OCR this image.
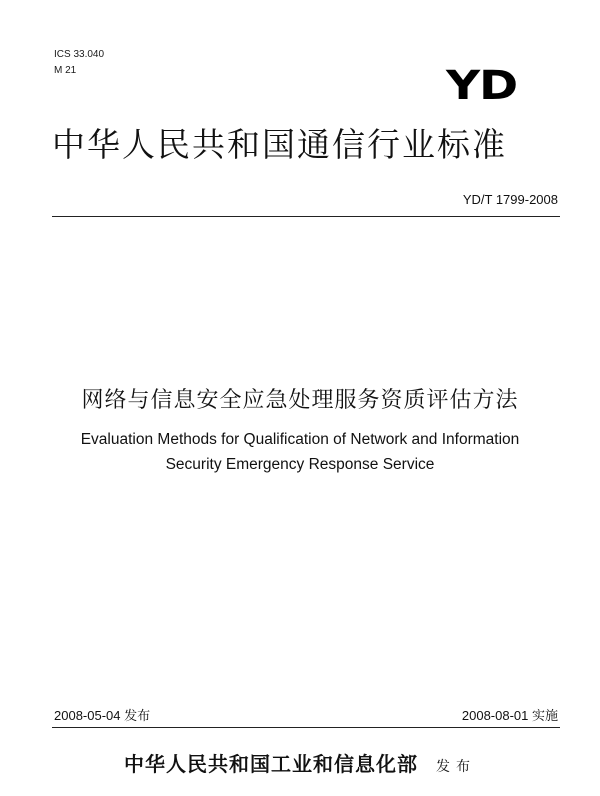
ICS 33.040
M 21	YD
中华人民共和国通信行业标准
YD/T 1799-2008
网络与信息安全应急处理服务资质评估方法
Evaluation Methods for Qualification of Network and Information
Security Emergency Response Service
2008-05-04 发布	2008-08-01 实施
中华人民共和国工业和信息化部 发布
